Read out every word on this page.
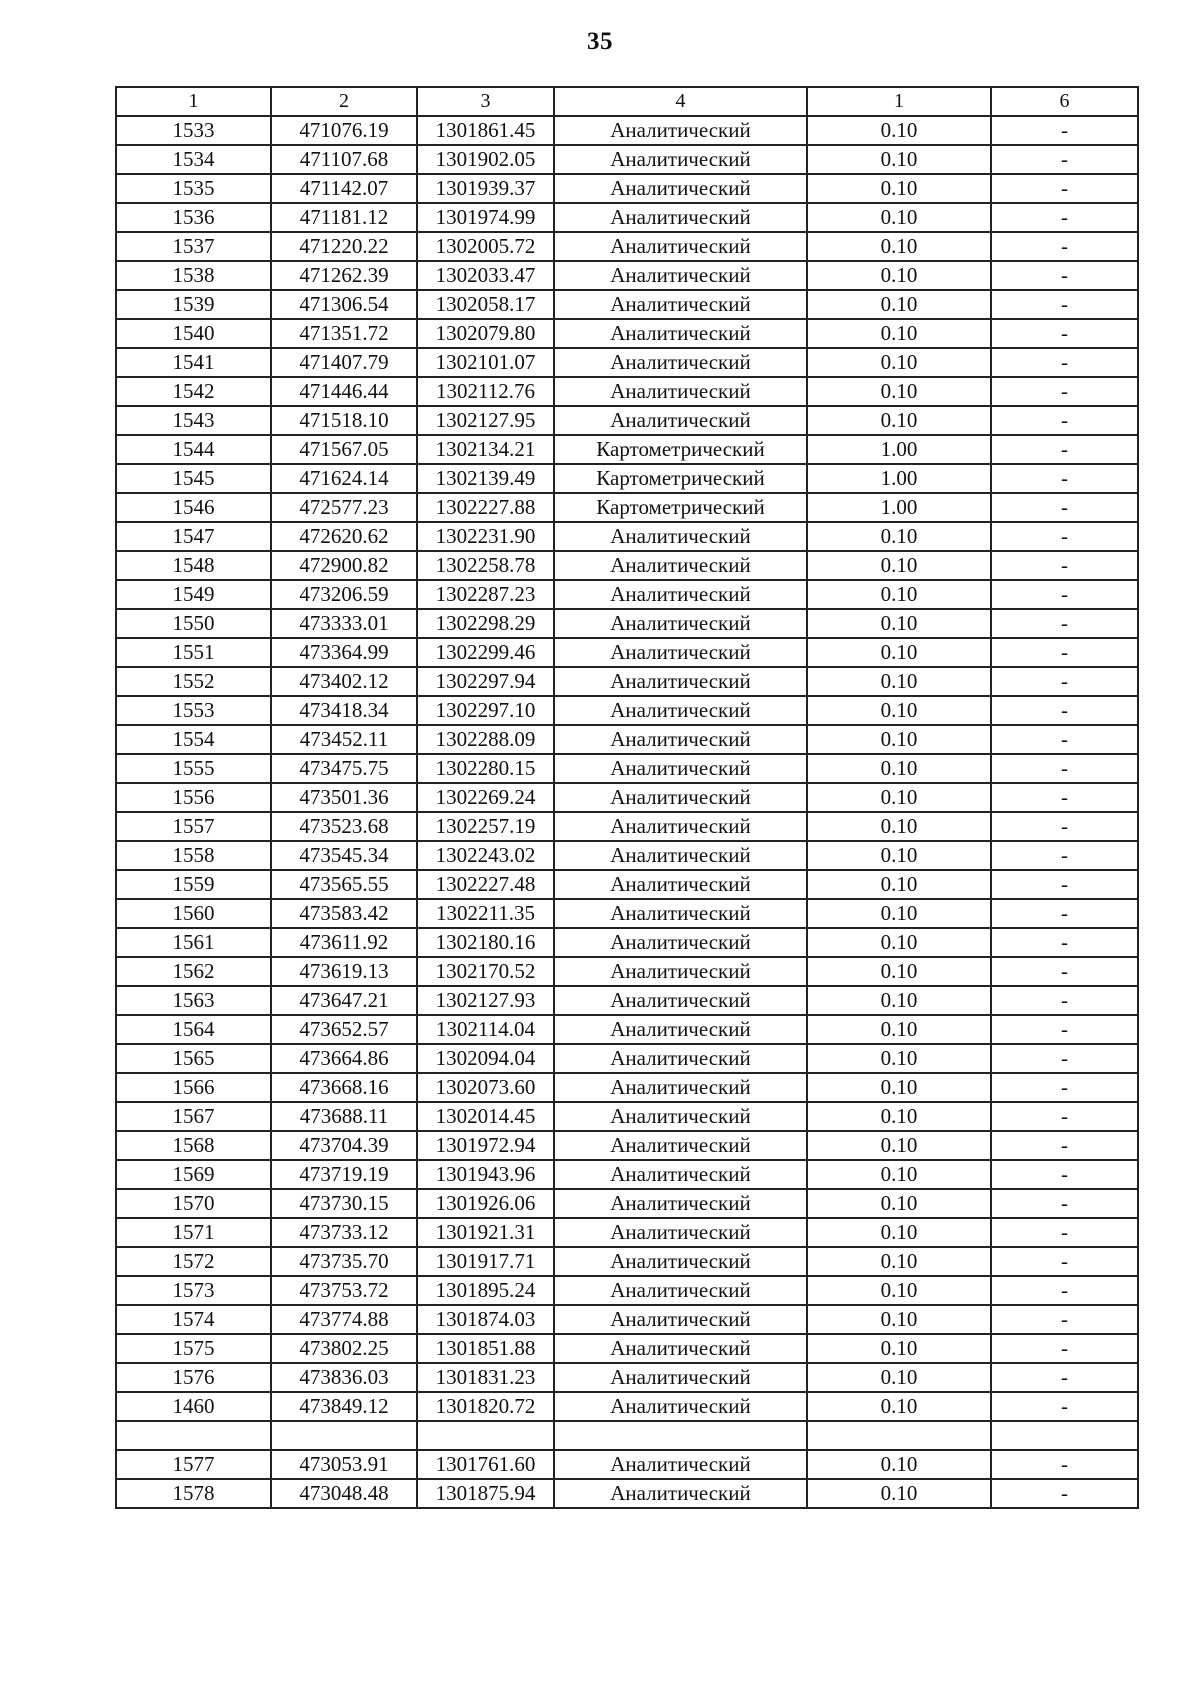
35
1	2	3	4	1	6
1533	471076.19	1301861.45	Аналитический	0.10	-
1534	471107.68	1301902.05	Аналитический	0.10	-
1535	471142.07	1301939.37	Аналитический	0.10	-
1536	471181.12	1301974.99	Аналитический	0.10	-
1537	471220.22	1302005.72	Аналитический	0.10	-
1538	471262.39	1302033.47	Аналитический	0.10	-
1539	471306.54	1302058.17	Аналитический	0.10	-
1540	471351.72	1302079.80	Аналитический	0.10	-
1541	471407.79	1302101.07	Аналитический	0.10	-
1542	471446.44	1302112.76	Аналитический	0.10	-
1543	471518.10	1302127.95	Аналитический	0.10	-
1544	471567.05	1302134.21	Картометрический	1.00	-
1545	471624.14	1302139.49	Картометрический	1.00	-
1546	472577.23	1302227.88	Картометрический	1.00	-
1547	472620.62	1302231.90	Аналитический	0.10	-
1548	472900.82	1302258.78	Аналитический	0.10	-
1549	473206.59	1302287.23	Аналитический	0.10	-
1550	473333.01	1302298.29	Аналитический	0.10	-
1551	473364.99	1302299.46	Аналитический	0.10	-
1552	473402.12	1302297.94	Аналитический	0.10	-
1553	473418.34	1302297.10	Аналитический	0.10	-
1554	473452.11	1302288.09	Аналитический	0.10	-
1555	473475.75	1302280.15	Аналитический	0.10	-
1556	473501.36	1302269.24	Аналитический	0.10	-
1557	473523.68	1302257.19	Аналитический	0.10	-
1558	473545.34	1302243.02	Аналитический	0.10	-
1559	473565.55	1302227.48	Аналитический	0.10	-
1560	473583.42	1302211.35	Аналитический	0.10	-
1561	473611.92	1302180.16	Аналитический	0.10	-
1562	473619.13	1302170.52	Аналитический	0.10	-
1563	473647.21	1302127.93	Аналитический	0.10	-
1564	473652.57	1302114.04	Аналитический	0.10	-
1565	473664.86	1302094.04	Аналитический	0.10	-
1566	473668.16	1302073.60	Аналитический	0.10	-
1567	473688.11	1302014.45	Аналитический	0.10	-
1568	473704.39	1301972.94	Аналитический	0.10	-
1569	473719.19	1301943.96	Аналитический	0.10	-
1570	473730.15	1301926.06	Аналитический	0.10	-
1571	473733.12	1301921.31	Аналитический	0.10	-
1572	473735.70	1301917.71	Аналитический	0.10	-
1573	473753.72	1301895.24	Аналитический	0.10	-
1574	473774.88	1301874.03	Аналитический	0.10	-
1575	473802.25	1301851.88	Аналитический	0.10	-
1576	473836.03	1301831.23	Аналитический	0.10	-
1460	473849.12	1301820.72	Аналитический	0.10	-

1577	473053.91	1301761.60	Аналитический	0.10	-
1578	473048.48	1301875.94	Аналитический	0.10	-
